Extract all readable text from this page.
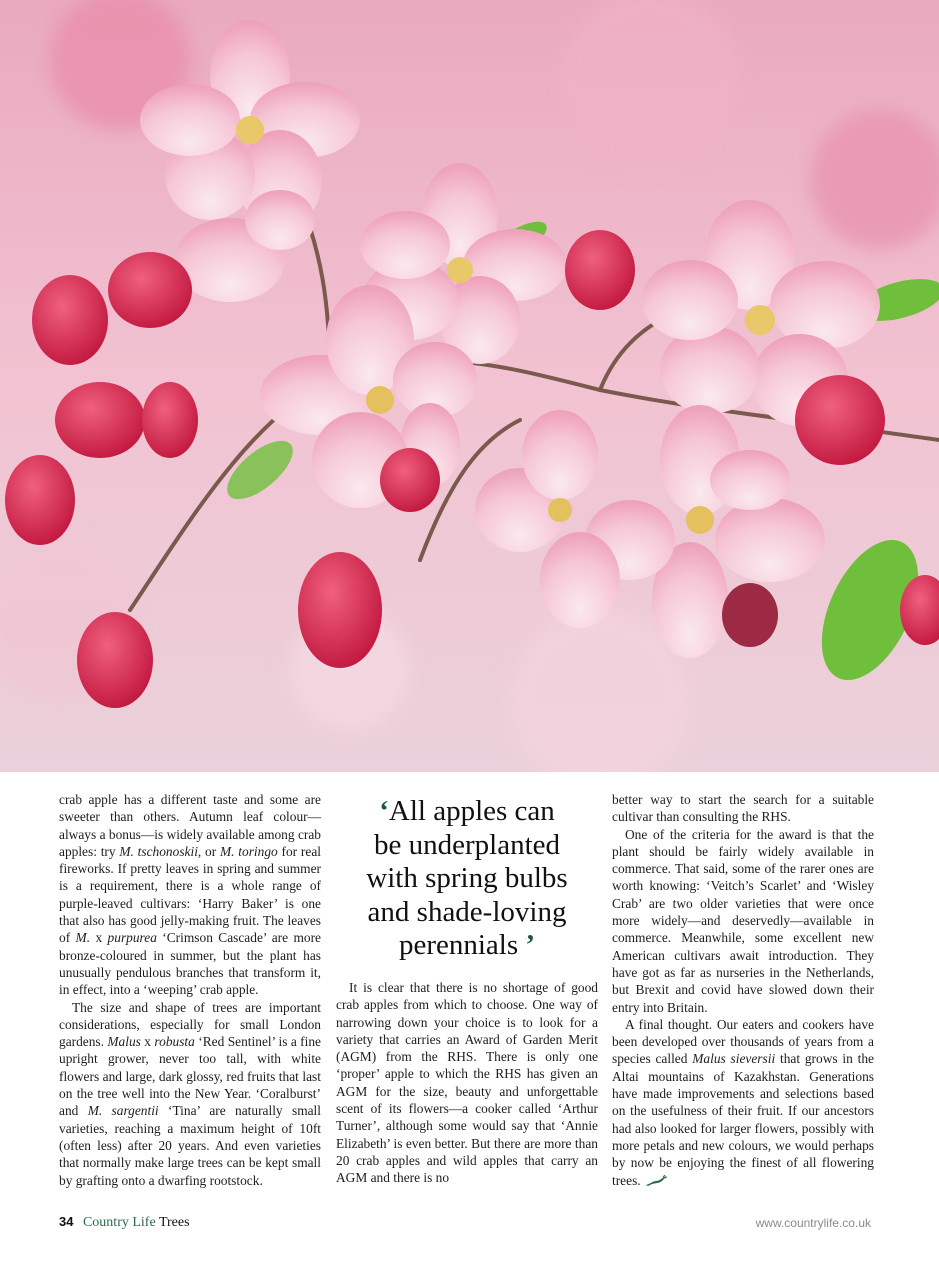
crab apple has a different taste and some are sweeter than others. Autumn leaf colour—always a bonus—is widely available among crab apples: try M. tschonoskii, or M. toringo for real fireworks. If pretty leaves in spring and summer is a requirement, there is a whole range of purple-leaved cultivars: ‘Harry Baker’ is one that also has good jelly-making fruit. The leaves of M. x purpurea ‘Crimson Cascade’ are more bronze-coloured in summer, but the plant has unusually pendulous branches that transform it, in effect, into a ‘weeping’ crab apple.

The size and shape of trees are important considerations, especially for small London gardens. Malus x robusta ‘Red Sentinel’ is a fine upright grower, never too tall, with white flowers and large, dark glossy, red fruits that last on the tree well into the New Year. ‘Coralburst’ and M. sargentii ‘Tina’ are naturally small varieties, reaching a maximum height of 10ft (often less) after 20 years. And even varieties that normally make large trees can be kept small by grafting onto a dwarfing rootstock.

‘All apples can
be underplanted
with spring bulbs
and shade-loving
perennials ’

It is clear that there is no shortage of good crab apples from which to choose. One way of narrowing down your choice is to look for a variety that carries an Award of Garden Merit (AGM) from the RHS. There is only one ‘proper’ apple to which the RHS has given an AGM for the size, beauty and unforgettable scent of its flowers—a cooker called ‘Arthur Turner’, although some would say that ‘Annie Elizabeth’ is even better. But there are more than 20 crab apples and wild apples that carry an AGM and there is no

better way to start the search for a suitable cultivar than consulting the RHS.

One of the criteria for the award is that the plant should be fairly widely available in commerce. That said, some of the rarer ones are worth knowing: ‘Veitch’s Scarlet’ and ‘Wisley Crab’ are two older varieties that were once more widely—and deservedly—available in commerce. Meanwhile, some excellent new American cultivars await introduction. They have got as far as nurseries in the Netherlands, but Brexit and covid have slowed down their entry into Britain.

A final thought. Our eaters and cookers have been developed over thousands of years from a species called Malus sieversii that grows in the Altai mountains of Kazakhstan. Generations have made improvements and selections based on the usefulness of their fruit. If our ancestors had also looked for larger flowers, possibly with more petals and new colours, we would perhaps by now be enjoying the finest of all flowering trees.

34 Country Life Trees	www.countrylife.co.uk
